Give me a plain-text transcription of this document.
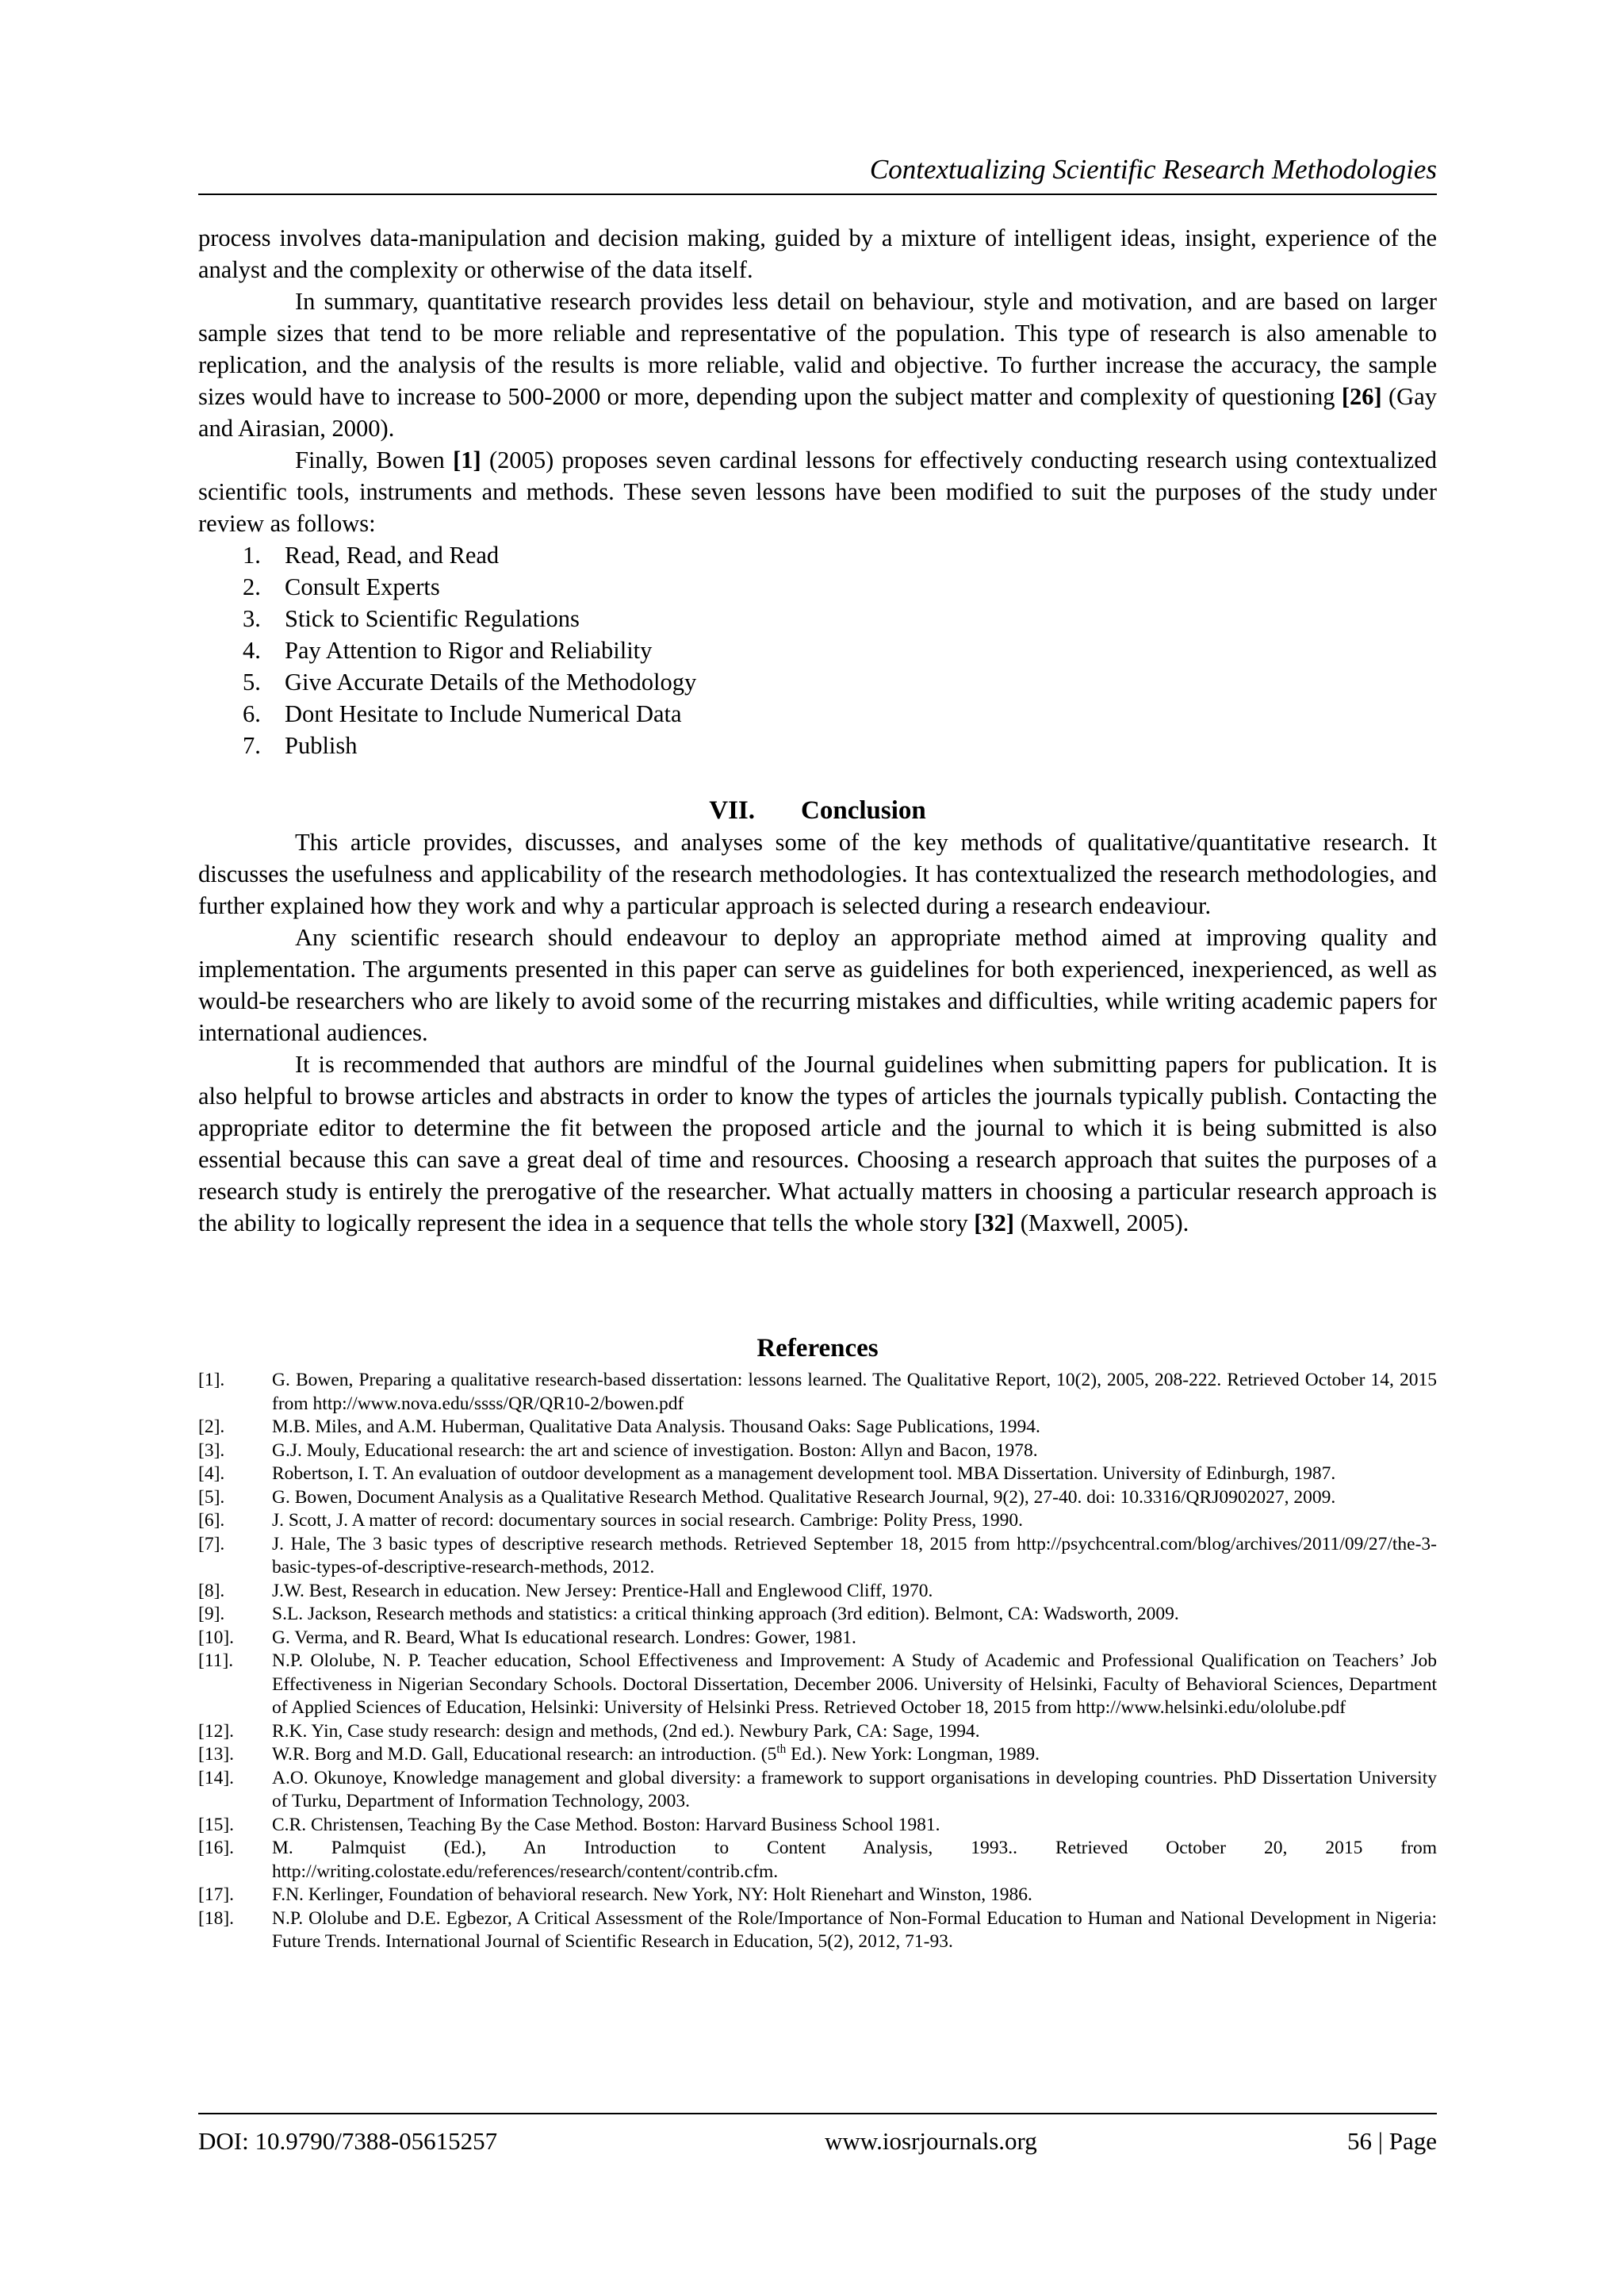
Contextualizing Scientific Research Methodologies

process involves data-manipulation and decision making, guided by a mixture of intelligent ideas, insight, experience of the analyst and the complexity or otherwise of the data itself.

In summary, quantitative research provides less detail on behaviour, style and motivation, and are based on larger sample sizes that tend to be more reliable and representative of the population. This type of research is also amenable to replication, and the analysis of the results is more reliable, valid and objective. To further increase the accuracy, the sample sizes would have to increase to 500-2000 or more, depending upon the subject matter and complexity of questioning [26] (Gay and Airasian, 2000).

Finally, Bowen [1] (2005) proposes seven cardinal lessons for effectively conducting research using contextualized scientific tools, instruments and methods. These seven lessons have been modified to suit the purposes of the study under review as follows:

1. Read, Read, and Read
2. Consult Experts
3. Stick to Scientific Regulations
4. Pay Attention to Rigor and Reliability
5. Give Accurate Details of the Methodology
6. Dont Hesitate to Include Numerical Data
7. Publish
VII. Conclusion

This article provides, discusses, and analyses some of the key methods of qualitative/quantitative research. It discusses the usefulness and applicability of the research methodologies. It has contextualized the research methodologies, and further explained how they work and why a particular approach is selected during a research endeaviour.

Any scientific research should endeavour to deploy an appropriate method aimed at improving quality and implementation. The arguments presented in this paper can serve as guidelines for both experienced, inexperienced, as well as would-be researchers who are likely to avoid some of the recurring mistakes and difficulties, while writing academic papers for international audiences.

It is recommended that authors are mindful of the Journal guidelines when submitting papers for publication. It is also helpful to browse articles and abstracts in order to know the types of articles the journals typically publish. Contacting the appropriate editor to determine the fit between the proposed article and the journal to which it is being submitted is also essential because this can save a great deal of time and resources. Choosing a research approach that suites the purposes of a research study is entirely the prerogative of the researcher. What actually matters in choosing a particular research approach is the ability to logically represent the idea in a sequence that tells the whole story [32] (Maxwell, 2005).

References
[1].	G. Bowen, Preparing a qualitative research-based dissertation: lessons learned. The Qualitative Report, 10(2), 2005, 208-222. Retrieved October 14, 2015 from http://www.nova.edu/ssss/QR/QR10-2/bowen.pdf
[2].	M.B. Miles, and A.M. Huberman, Qualitative Data Analysis. Thousand Oaks: Sage Publications, 1994.
[3].	G.J. Mouly, Educational research: the art and science of investigation. Boston: Allyn and Bacon, 1978.
[4].	Robertson, I. T. An evaluation of outdoor development as a management development tool. MBA Dissertation. University of Edinburgh, 1987.
[5].	G. Bowen, Document Analysis as a Qualitative Research Method. Qualitative Research Journal, 9(2), 27-40. doi: 10.3316/QRJ0902027, 2009.
[6].	J. Scott, J. A matter of record: documentary sources in social research. Cambrige: Polity Press, 1990.
[7].	J. Hale, The 3 basic types of descriptive research methods. Retrieved September 18, 2015 from http://psychcentral.com/blog/archives/2011/09/27/the-3-basic-types-of-descriptive-research-methods, 2012.
[8].	J.W. Best, Research in education. New Jersey: Prentice-Hall and Englewood Cliff, 1970.
[9].	S.L. Jackson, Research methods and statistics: a critical thinking approach (3rd edition). Belmont, CA: Wadsworth, 2009.
[10].	G. Verma, and R. Beard, What Is educational research. Londres: Gower, 1981.
[11].	N.P. Ololube, N. P. Teacher education, School Effectiveness and Improvement: A Study of Academic and Professional Qualification on Teachers’ Job Effectiveness in Nigerian Secondary Schools. Doctoral Dissertation, December 2006. University of Helsinki, Faculty of Behavioral Sciences, Department of Applied Sciences of Education, Helsinki: University of Helsinki Press. Retrieved October 18, 2015 from http://www.helsinki.edu/ololube.pdf
[12].	R.K. Yin, Case study research: design and methods, (2nd ed.). Newbury Park, CA: Sage, 1994.
[13].	W.R. Borg and M.D. Gall, Educational research: an introduction. (5th Ed.). New York: Longman, 1989.
[14].	A.O. Okunoye, Knowledge management and global diversity: a framework to support organisations in developing countries. PhD Dissertation University of Turku, Department of Information Technology, 2003.
[15].	C.R. Christensen, Teaching By the Case Method. Boston: Harvard Business School 1981.
[16].	M. Palmquist (Ed.), An Introduction to Content Analysis, 1993.. Retrieved October 20, 2015 from http://writing.colostate.edu/references/research/content/contrib.cfm.
[17].	F.N. Kerlinger, Foundation of behavioral research. New York, NY: Holt Rienehart and Winston, 1986.
[18].	N.P. Ololube and D.E. Egbezor, A Critical Assessment of the Role/Importance of Non-Formal Education to Human and National Development in Nigeria: Future Trends. International Journal of Scientific Research in Education, 5(2), 2012, 71-93.
DOI: 10.9790/7388-05615257	www.iosrjournals.org	56 | Page
